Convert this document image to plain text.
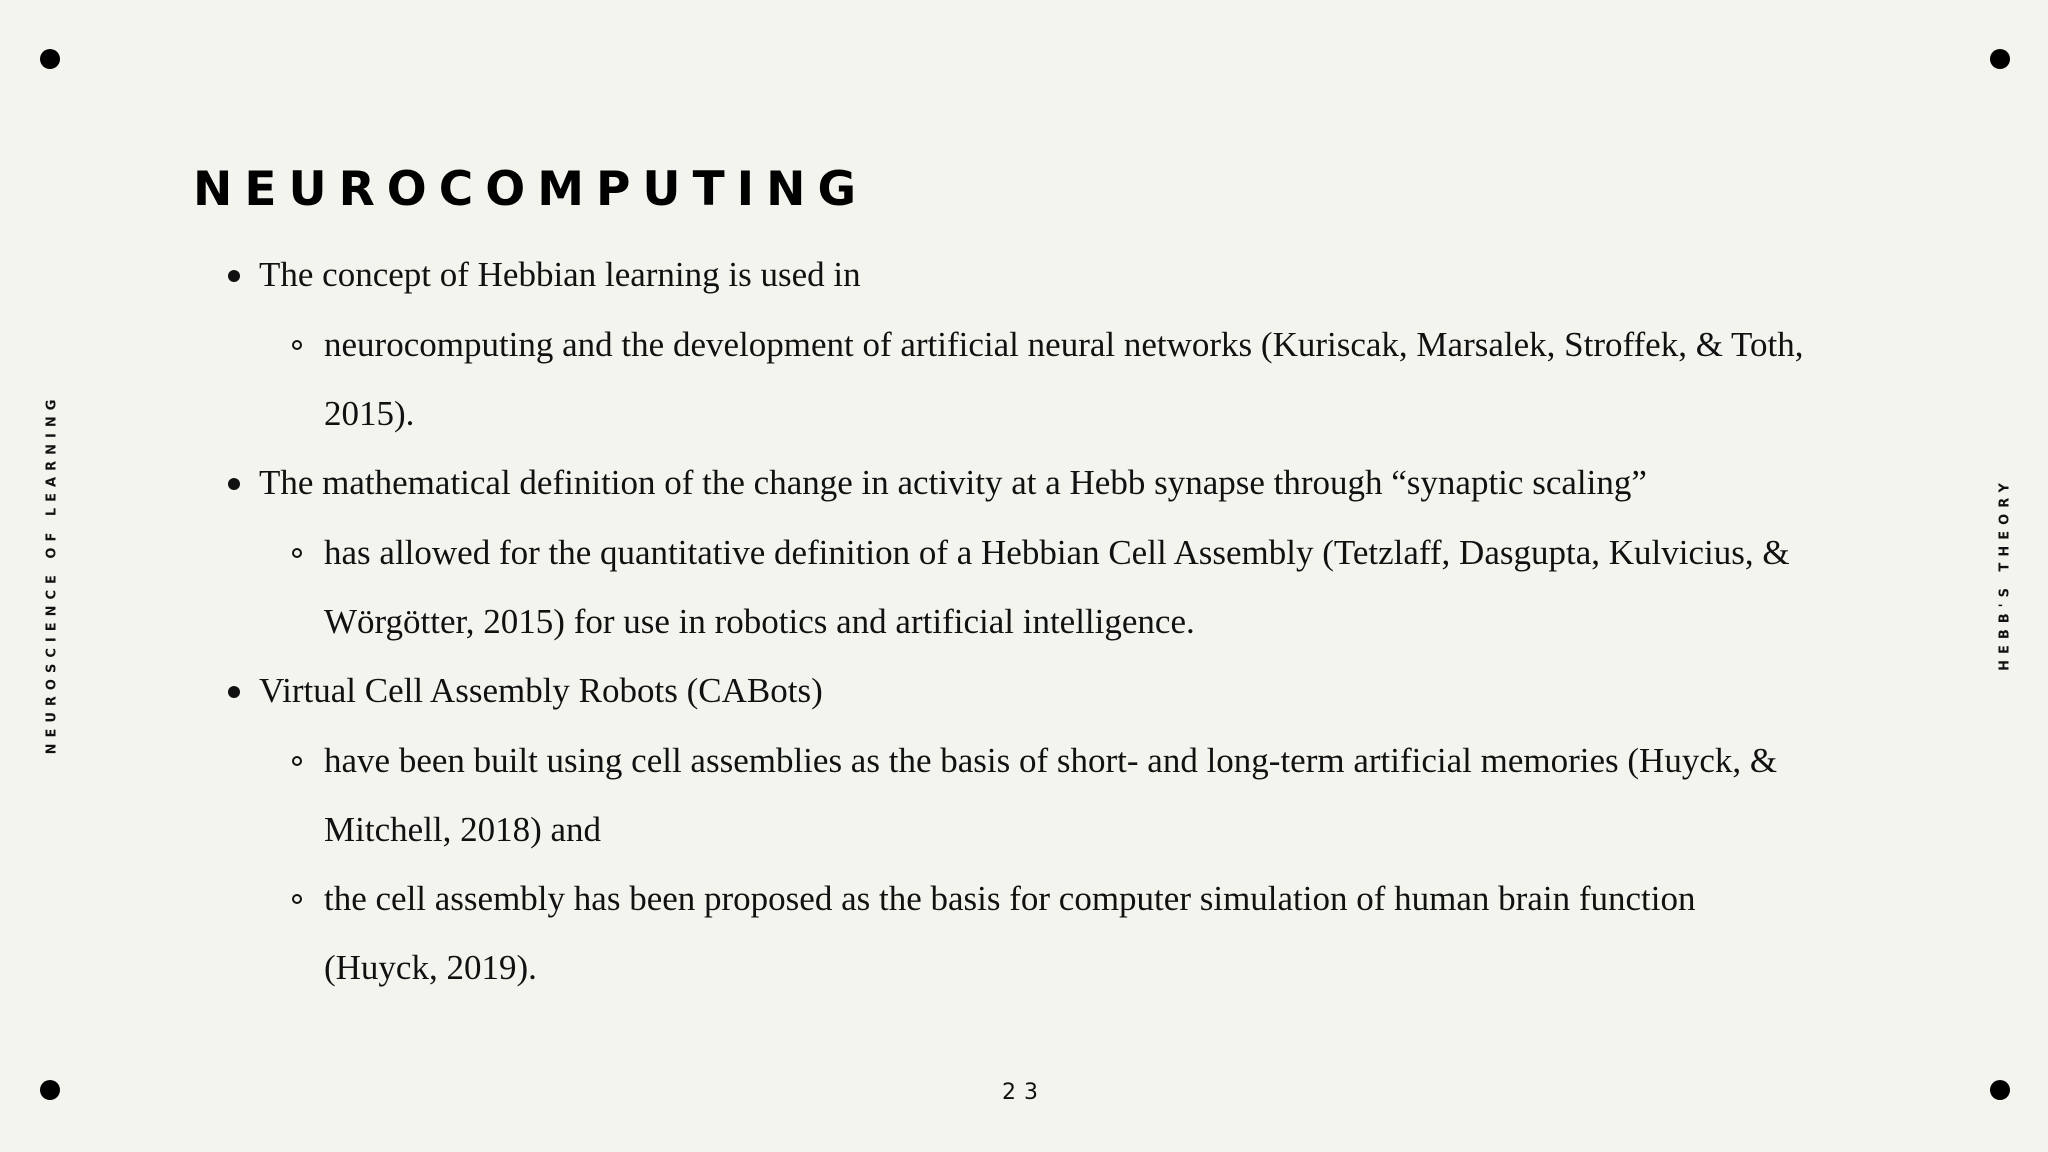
NEUROCOMPUTING
NEUROSCIENCE OF LEARNING	HEBB'S THEORY
The concept of Hebbian learning is used in
neurocomputing and the development of artificial neural networks (Kuriscak, Marsalek, Stroffek, & Toth,
2015).
The mathematical definition of the change in activity at a Hebb synapse through “synaptic scaling”
has allowed for the quantitative definition of a Hebbian Cell Assembly (Tetzlaff, Dasgupta, Kulvicius, &
Wörgötter, 2015) for use in robotics and artificial intelligence.
Virtual Cell Assembly Robots (CABots)
have been built using cell assemblies as the basis of short- and long-term artificial memories (Huyck, &
Mitchell, 2018) and
the cell assembly has been proposed as the basis for computer simulation of human brain function
(Huyck, 2019).
23
